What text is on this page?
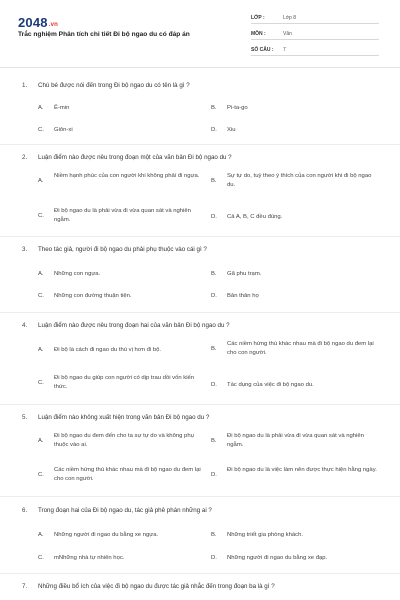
2048.vn
Trắc nghiệm Phân tích chi tiết Đi bộ ngao du có đáp án
LỚP :	Lớp 8
MÔN :	Văn
SỐ CÂU : 7
1. Chú bé được nói đến trong Đi bộ ngao du có tên là gì ?
A. Ê-min	B. Pi-ta-go
C. Giôn-xi	D. Xiu
2. Luận điểm nào được nêu trong đoạn một của văn bản Đi bộ ngao du ?
A.
Niềm hạnh phúc của con người khi không phải đi ngựa.
B.
Sự tự do, tuỳ theo ý thích của con người khi đi bộ ngao du.
C.
Đi bộ ngao du là phải vừa đi vừa quan sát và nghiên ngẫm.
D. Cả A, B, C đều đúng.
3. Theo tác giả, người đi bộ ngao du phải phụ thuộc vào cái gì ?
A. Những con ngựa.	B. Gã phu trạm.
C. Những con đường thuận tiện.	D. Bản thân họ
4. Luận điểm nào được nêu trong đoạn hai của văn bản Đi bộ ngao du ?
A. Đi bộ là cách đi ngao du thú vị hơn đi bộ.	B.
Các niềm hứng thú khác nhau mà đi bộ ngao du đem lại cho con người.
C.
Đi bộ ngao du giúp con người có dịp trau dồi vốn kiến thức.	D. Tác dụng của việc đi bộ ngao du.
5. Luận điểm nào không xuất hiện trong văn bản Đi bộ ngao du ?
A.
Đi bộ ngao du đem đến cho ta sự tự do và không phụ thuộc vào ai.
B.
Đi bộ ngao du là phải vừa đi vừa quan sát và nghiên ngẫm.
C.
Các niềm hứng thú khác nhau mà đi bộ ngao du đem lại cho con người.
D.
Đi bộ ngao du là việc làm nên được thực hiện hằng ngày.
6. Trong đoạn hai của Đi bộ ngao du, tác giả phê phán những ai ?
A. Những người đi ngao du bằng xe ngựa.	B. Những triết gia phòng khách.
C. mNhững nhà tự nhiên học.	D. Những người đi ngao du bằng xe đạp.
7. Những điều bổ ích của việc đi bộ ngao du được tác giả nhắc đến trong đoạn ba là gì ?
